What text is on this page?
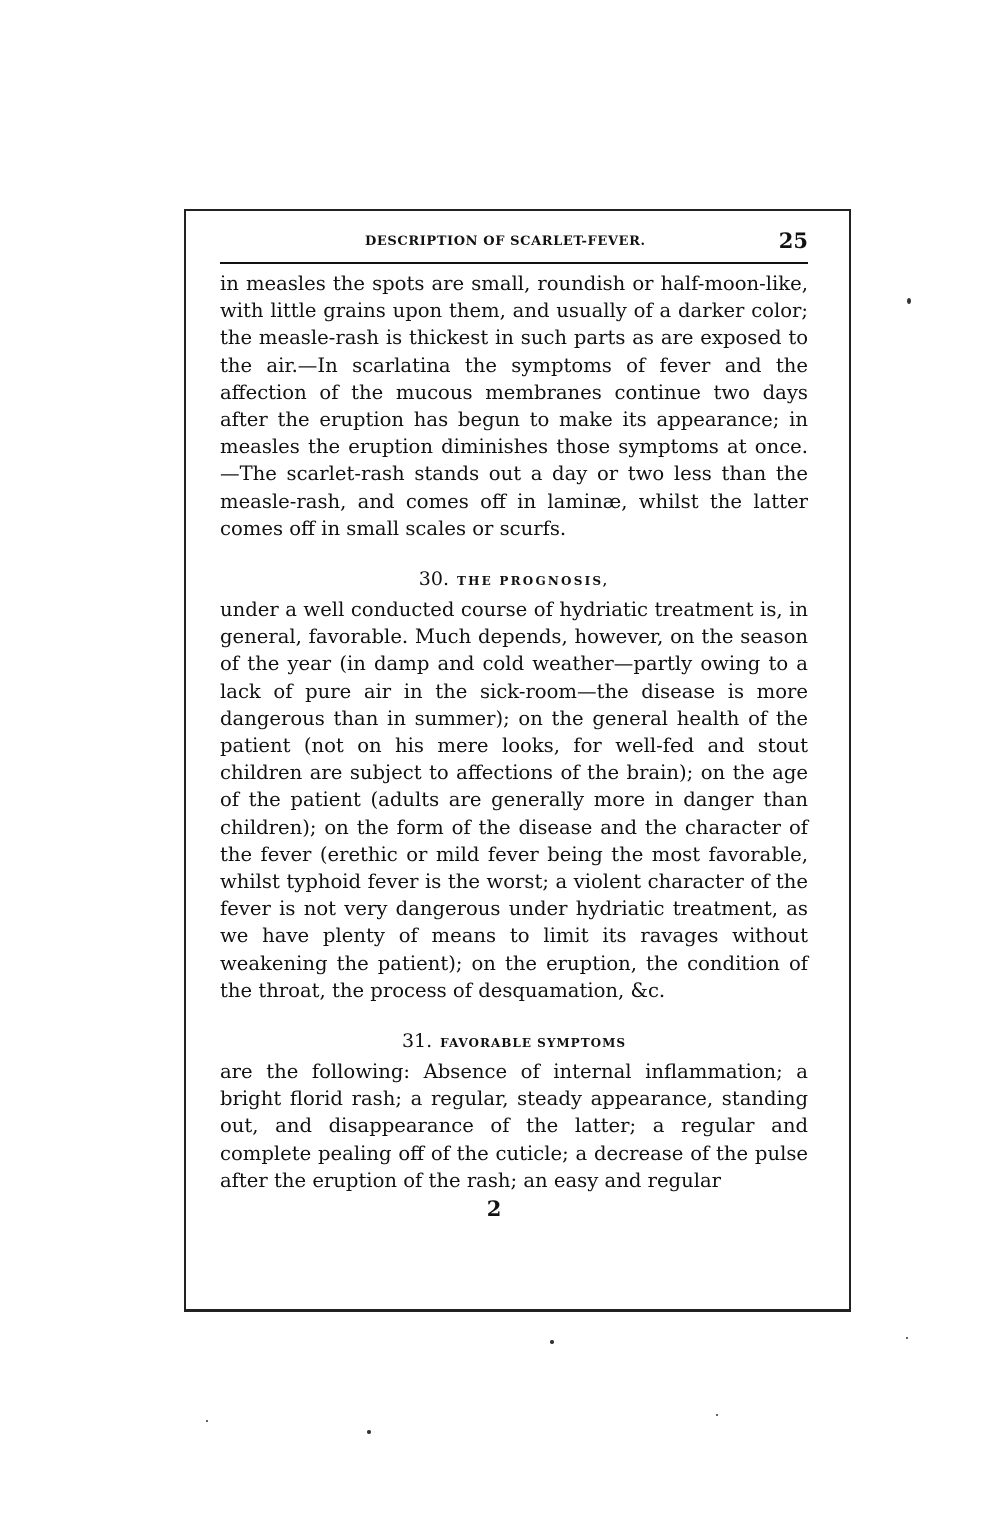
DESCRIPTION OF SCARLET-FEVER.	25

in measles the spots are small, roundish or half-moon-like, with little grains upon them, and usually of a darker color; the measle-rash is thickest in such parts as are exposed to the air.—In scarlatina the symptoms of fever and the affection of the mucous membranes continue two days after the eruption has begun to make its appearance; in measles the eruption diminishes those symptoms at once.—The scarlet-rash stands out a day or two less than the measle-rash, and comes off in laminæ, whilst the latter comes off in small scales or scurfs.

30. THE PROGNOSIS,

under a well conducted course of hydriatic treatment is, in general, favorable. Much depends, however, on the season of the year (in damp and cold weather—partly owing to a lack of pure air in the sick-room—the disease is more dangerous than in summer); on the general health of the patient (not on his mere looks, for well-fed and stout children are subject to affections of the brain); on the age of the patient (adults are generally more in danger than children); on the form of the disease and the character of the fever (erethic or mild fever being the most favorable, whilst typhoid fever is the worst; a violent character of the fever is not very dangerous under hydriatic treatment, as we have plenty of means to limit its ravages without weakening the patient); on the eruption, the condition of the throat, the process of desquamation, &c.

31. FAVORABLE SYMPTOMS

are the following: Absence of internal inflammation; a bright florid rash; a regular, steady appearance, standing out, and disappearance of the latter; a regular and complete pealing off of the cuticle; a decrease of the pulse after the eruption of the rash; an easy and regular

2
